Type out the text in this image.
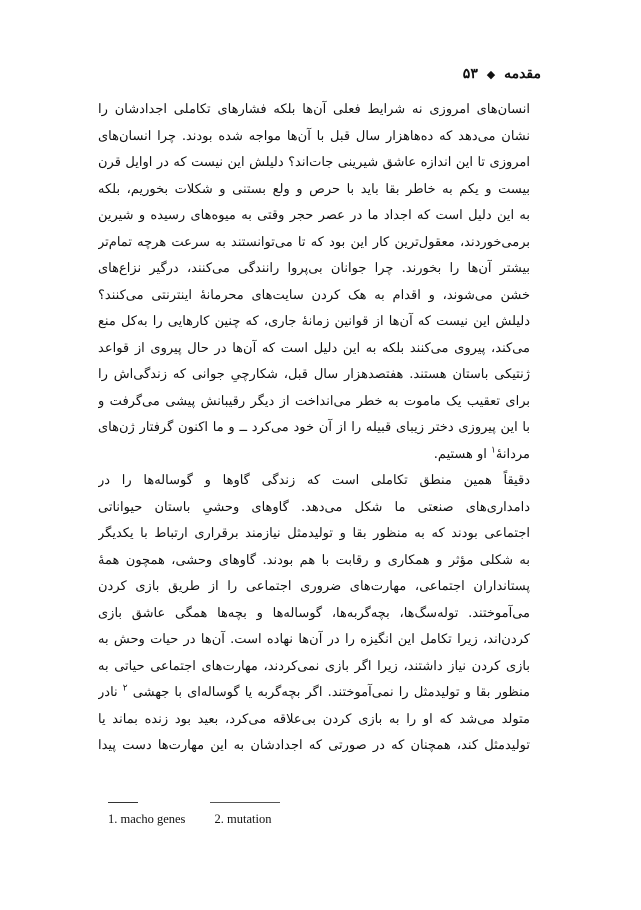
مقدمه ◆ ۵۳
انسان‌های امروزی نه شرایط فعلی آن‌ها بلکه فشارهای تکاملی اجدادشان را
نشان می‌دهد که ده‌هاهزار سال قبل با آن‌ها مواجه شده بودند. چرا انسان‌های
امروزی تا این اندازه عاشق شیرینی جات‌اند؟ دلیلش این نیست که در اوایل قرن
بیست و یکم به خاطر بقا باید با حرص و ولع بستنی و شکلات بخوریم، بلکه
به این دلیل است که اجداد ما در عصر حجر وقتی به میوه‌های رسیده و شیرین
برمی‌خوردند، معقول‌ترین کار این بود که تا می‌توانستند به سرعت هرچه تمام‌تر
بیشتر آن‌ها را بخورند. چرا جوانان بی‌پروا رانندگی می‌کنند، درگیر نزاع‌های
خشن می‌شوند، و اقدام به هک کردن سایت‌های محرمانهٔ اینترنتی می‌کنند؟
دلیلش این نیست که آن‌ها از قوانین زمانهٔ جاری، که چنین کارهایی را به‌کل منع
می‌کند، پیروی می‌کنند بلکه به این دلیل است که آن‌ها در حال پیروی از قواعد
ژنتیکی باستان هستند. هفتصدهزار سال قبل، شکارچیِ جوانی که زندگی‌اش را
برای تعقیب یک ماموت به خطر می‌انداخت از دیگر رقیبانش پیشی می‌گرفت و
با این پیروزی دختر زیبای قبیله را از آن خود می‌کرد ــ و ما اکنون گرفتار ژن‌های
مردانهٔ$^۱$ او هستیم.
دقیقاً همین منطق تکاملی است که زندگی گاوها و گوساله‌ها را در
دامداری‌های صنعتی ما شکل می‌دهد. گاوهای وحشیِ باستان حیواناتی
اجتماعی بودند که به منظور بقا و تولیدمثل نیازمند برقراری ارتباط با یکدیگر
به شکلی مؤثر و همکاری و رقابت با هم بودند. گاوهای وحشی، همچون همهٔ
پستانداران اجتماعی، مهارت‌های ضروری اجتماعی را از طریق بازی کردن
می‌آموختند. توله‌سگ‌ها، بچه‌گربه‌ها، گوساله‌ها و بچه‌ها همگی عاشق بازی
کردن‌اند، زیرا تکامل این انگیزه را در آن‌ها نهاده است. آن‌ها در حیات وحش به
بازی کردن نیاز داشتند، زیرا اگر بازی نمی‌کردند، مهارت‌های اجتماعی حیاتی به
منظور بقا و تولیدمثل را نمی‌آموختند. اگر بچه‌گربه یا گوساله‌ای با جهشی $^۲$ نادر
متولد می‌شد که او را به بازی کردن بی‌علاقه می‌کرد، بعید بود زنده بماند یا
تولیدمثل کند، همچنان که در صورتی که اجدادشان به این مهارت‌ها دست پیدا
1. macho genes 2. mutation
